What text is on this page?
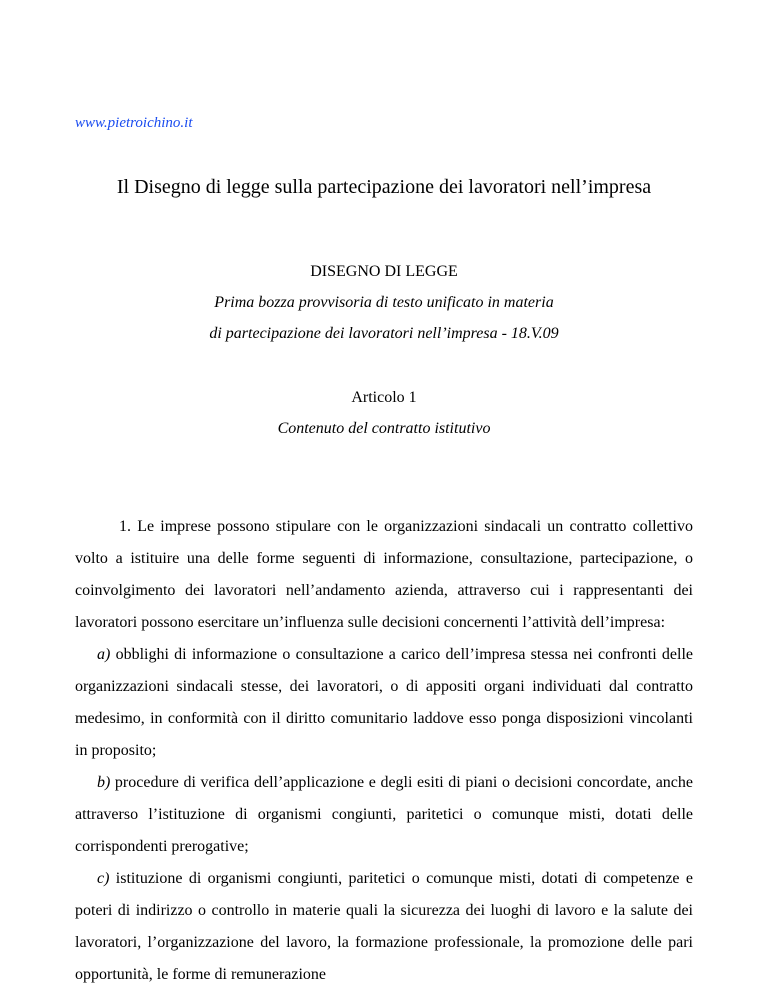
www.pietroichino.it
Il Disegno di legge sulla partecipazione dei lavoratori nell’impresa

DISEGNO DI LEGGE

Prima bozza provvisoria di testo unificato in materia

di partecipazione dei lavoratori nell’impresa - 18.V.09

Articolo 1

Contenuto del contratto istitutivo

1. Le imprese possono stipulare con le organizzazioni sindacali un contratto collettivo volto a istituire una delle forme seguenti di informazione, consultazione, partecipazione, o coinvolgimento dei lavoratori nell’andamento azienda, attraverso cui i rappresentanti dei lavoratori possono esercitare un’influenza sulle decisioni concernenti l’attività dell’impresa:

a) obblighi di informazione o consultazione a carico dell’impresa stessa nei confronti delle organizzazioni sindacali stesse, dei lavoratori, o di appositi organi individuati dal contratto medesimo, in conformità con il diritto comunitario laddove esso ponga disposizioni vincolanti in proposito;

b) procedure di verifica dell’applicazione e degli esiti di piani o decisioni concordate, anche attraverso l’istituzione di organismi congiunti, paritetici o comunque misti, dotati delle corrispondenti prerogative;

c) istituzione di organismi congiunti, paritetici o comunque misti, dotati di competenze e poteri di indirizzo o controllo in materie quali la sicurezza dei luoghi di lavoro e la salute dei lavoratori, l’organizzazione del lavoro, la formazione professionale, la promozione delle pari opportunità, le forme di remunerazione
